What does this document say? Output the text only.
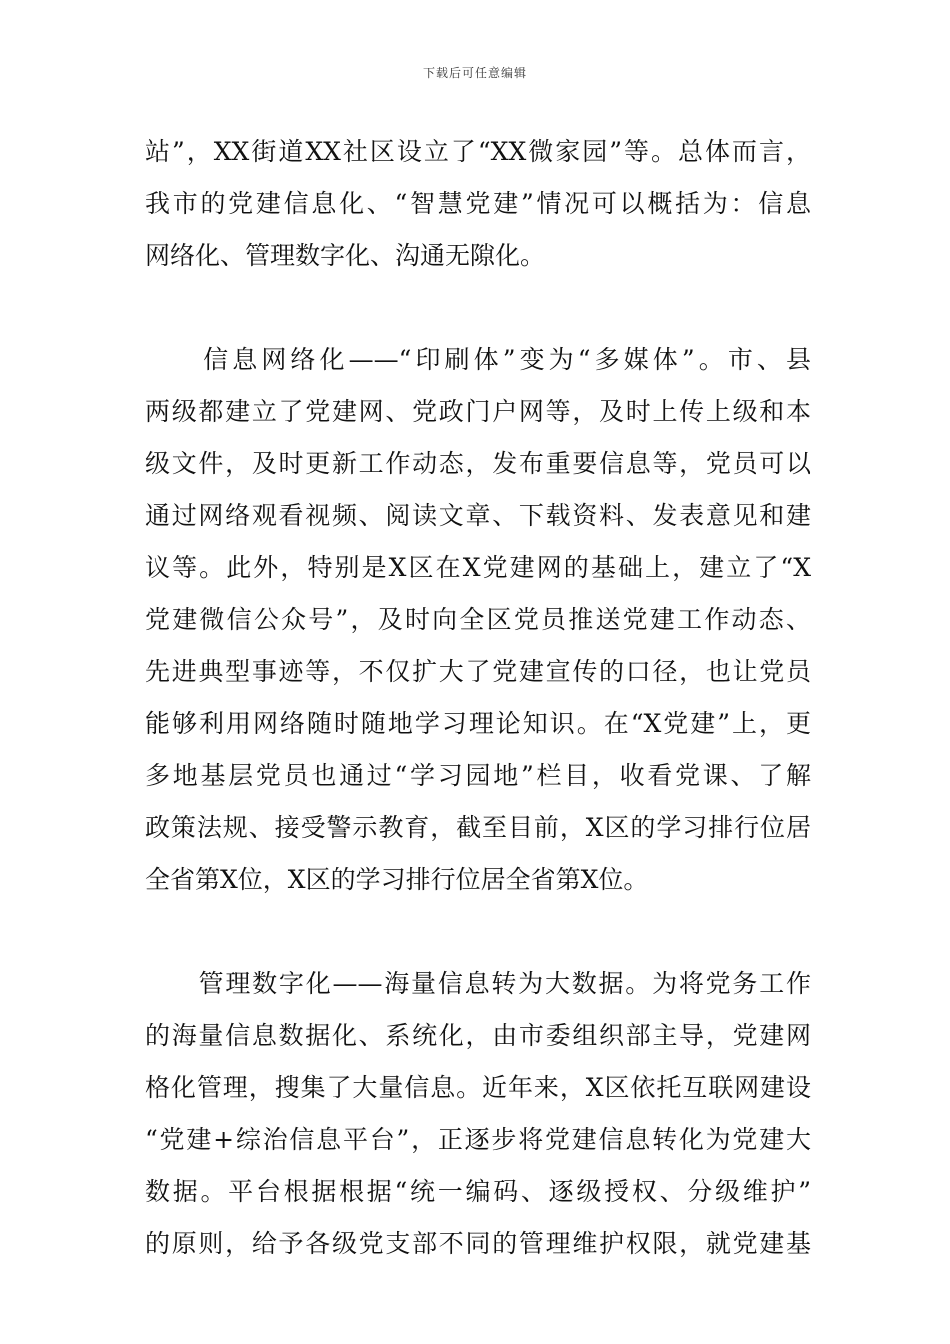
下载后可任意编辑
站”，XX街道XX社区设立了“XX微家园”等。总体而言，
我市的党建信息化、“智慧党建”情况可以概括为：信息
网络化、管理数字化、沟通无隙化。
　　信息网络化——“印刷体”变为“多媒体”。市、县
两级都建立了党建网、党政门户网等，及时上传上级和本
级文件，及时更新工作动态，发布重要信息等，党员可以
通过网络观看视频、阅读文章、下载资料、发表意见和建
议等。此外，特别是X区在X党建网的基础上，建立了“X
党建微信公众号”，及时向全区党员推送党建工作动态、
先进典型事迹等，不仅扩大了党建宣传的口径，也让党员
能够利用网络随时随地学习理论知识。在“X党建”上，更
多地基层党员也通过“学习园地”栏目，收看党课、了解
政策法规、接受警示教育，截至目前，X区的学习排行位居
全省第X位，X区的学习排行位居全省第X位。
　　管理数字化——海量信息转为大数据。为将党务工作
的海量信息数据化、系统化，由市委组织部主导，党建网
格化管理，搜集了大量信息。近年来，X区依托互联网建设
“党建+综治信息平台”，正逐步将党建信息转化为党建大
数据。平台根据根据“统一编码、逐级授权、分级维护”
的原则，给予各级党支部不同的管理维护权限，就党建基
